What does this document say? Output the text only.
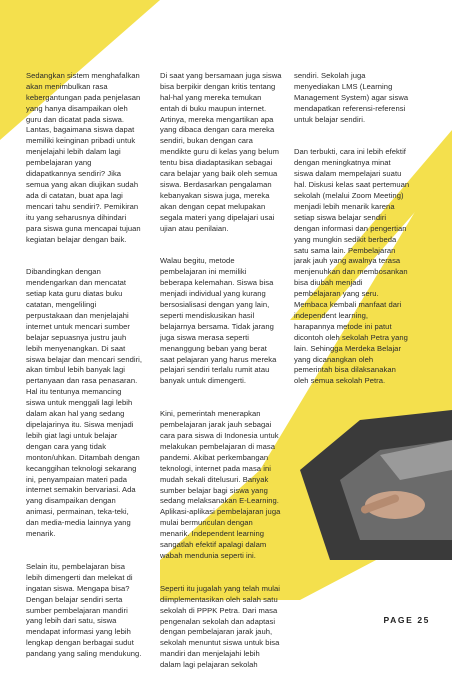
Sedangkan sistem menghafalkan
akan menimbulkan rasa
kebergantungan pada penjelasan
yang hanya disampaikan oleh
guru dan dicatat pada siswa.
Lantas, bagaimana siswa dapat
memiliki keinginan pribadi untuk
menjelajahi lebih dalam lagi
pembelajaran yang
didapatkannya sendiri? Jika
semua yang akan diujikan sudah
ada di catatan, buat apa lagi
mencari tahu sendiri?. Pemikiran
itu yang seharusnya dihindari
para siswa guna mencapai tujuan
kegiatan belajar dengan baik.

Dibandingkan dengan
mendengarkan dan mencatat
setiap kata guru diatas buku
catatan, mengelilingi
perpustakaan dan menjelajahi
internet untuk mencari sumber
belajar sepuasnya justru jauh
lebih menyenangkan. Di saat
siswa belajar dan mencari sendiri,
akan timbul lebih banyak lagi
pertanyaan dan rasa penasaran.
Hal itu tentunya memancing
siswa untuk menggali lagi lebih
dalam akan hal yang sedang
dipelajarinya itu. Siswa menjadi
lebih giat lagi untuk belajar
dengan cara yang tidak
monton/uhkan. Ditambah dengan
kecanggihan teknologi sekarang
ini, penyampaian materi pada
internet semakin bervariasi. Ada
yang disampaikan dengan
animasi, permainan, teka-teki,
dan media-media lainnya yang
menarik.

Selain itu, pembelajaran bisa
lebih dimengerti dan melekat di
ingatan siswa. Mengapa bisa?
Dengan belajar sendiri serta
sumber pembelajaran mandiri
yang lebih dari satu, siswa
mendapat informasi yang lebih
lengkap dengan berbagai sudut
pandang yang saling mendukung.

Di saat yang bersamaan juga siswa
bisa berpikir dengan kritis tentang
hal-hal yang mereka temukan
entah di buku maupun internet.
Artinya, mereka mengartikan apa
yang dibaca dengan cara mereka
sendiri, bukan dengan cara
mendikte guru di kelas yang belum
tentu bisa diadaptasikan sebagai
cara belajar yang baik oleh semua
siswa. Berdasarkan pengalaman
kebanyakan siswa juga, mereka
akan dengan cepat melupakan
segala materi yang dipelajari usai
ujian atau penilaian.

Walau begitu, metode
pembelajaran ini memiliki
beberapa kelemahan. Siswa bisa
menjadi individual yang kurang
bersosialisasi dengan yang lain,
seperti mendiskusikan hasil
belajarnya bersama. Tidak jarang
juga siswa merasa seperti
menanggung beban yang berat
saat pelajaran yang harus mereka
pelajari sendiri terlalu rumit atau
banyak untuk dimengerti.

Kini, pemerintah menerapkan
pembelajaran jarak jauh sebagai
cara para siswa di Indonesia untuk
melakukan pembelajaran di masa
pandemi. Akibat perkembangan
teknologi, internet pada masa ini
mudah sekali ditelusuri. Banyak
sumber belajar bagi siswa yang
sedang melaksanakan E-Learning.
Aplikasi-aplikasi pembelajaran juga
mulai bermunculan dengan
menarik. Independent learning
sangatlah efektif apalagi dalam
wabah mendunia seperti ini.

Seperti itu jugalah yang telah mulai
diimplementasikan oleh salah satu
sekolah di PPPK Petra. Dari masa
pengenalan sekolah dan adaptasi
dengan pembelajaran jarak jauh,
sekolah menuntut siswa untuk bisa
mandiri dan menjelajahi lebih
dalam lagi pelajaran sekolah

sendiri. Sekolah juga
menyediakan LMS (Learning
Management System) agar siswa
mendapatkan referensi-referensi
untuk belajar sendiri.

Dan terbukti, cara ini lebih efektif
dengan meningkatnya minat
siswa dalam mempelajari suatu
hal. Diskusi kelas saat pertemuan
sekolah (melalui Zoom Meeting)
menjadi lebih menarik karena
setiap siswa belajar sendiri
dengan informasi dan pengertian
yang mungkin sedikit berbeda
satu sama lain. Pembelajaran
jarak jauh yang awalnya terasa
menjenuhkan dan membosankan
bisa diubah menjadi
pembelajaran yang seru.
Membaca kembali manfaat dari
independent learning,
harapannya metode ini patut
dicontoh oleh sekolah Petra yang
lain. Sehingga Merdeka Belajar
yang dicanangkan oleh
pemerintah bisa dilaksanakan
oleh semua sekolah Petra.

PAGE 25
